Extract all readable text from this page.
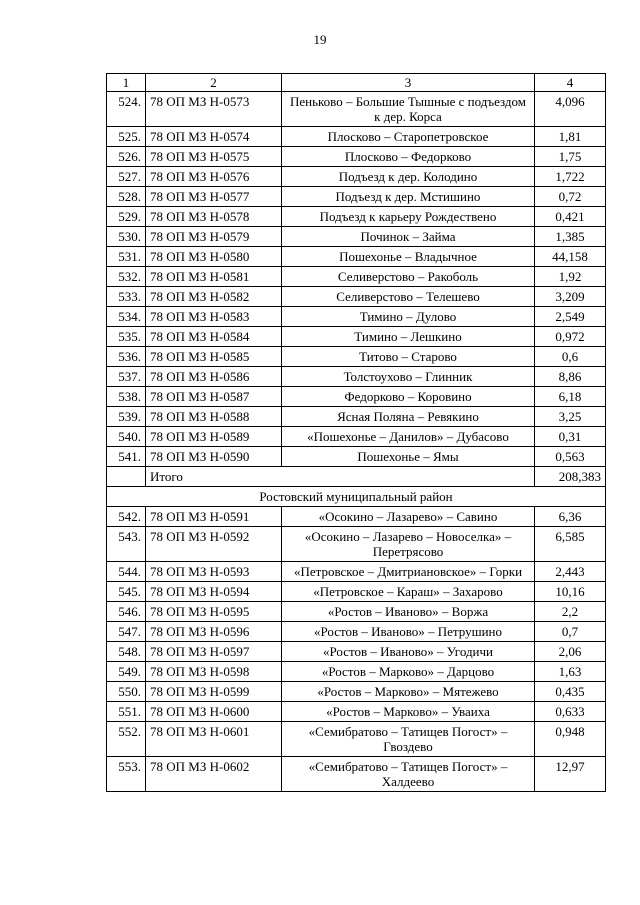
19
1	2	3	4
524.	78 ОП МЗ Н-0573	Пеньково – Большие Тышные с подъездом к дер. Корса	4,096
525.	78 ОП МЗ Н-0574	Плосково – Старопетровское	1,81
526.	78 ОП МЗ Н-0575	Плосково – Федорково	1,75
527.	78 ОП МЗ Н-0576	Подъезд к дер. Колодино	1,722
528.	78 ОП МЗ Н-0577	Подъезд к дер. Мстишино	0,72
529.	78 ОП МЗ Н-0578	Подъезд к карьеру Рождествено	0,421
530.	78 ОП МЗ Н-0579	Починок – Займа	1,385
531.	78 ОП МЗ Н-0580	Пошехонье – Владычное	44,158
532.	78 ОП МЗ Н-0581	Селиверстово – Ракоболь	1,92
533.	78 ОП МЗ Н-0582	Селиверстово – Телешево	3,209
534.	78 ОП МЗ Н-0583	Тимино – Дулово	2,549
535.	78 ОП МЗ Н-0584	Тимино – Лешкино	0,972
536.	78 ОП МЗ Н-0585	Титово – Старово	0,6
537.	78 ОП МЗ Н-0586	Толстоухово – Глинник	8,86
538.	78 ОП МЗ Н-0587	Федорково – Коровино	6,18
539.	78 ОП МЗ Н-0588	Ясная Поляна – Ревякино	3,25
540.	78 ОП МЗ Н-0589	«Пошехонье – Данилов» – Дубасово	0,31
541.	78 ОП МЗ Н-0590	Пошехонье – Ямы	0,563
	Итого		208,383
Ростовский муниципальный район			
542.	78 ОП МЗ Н-0591	«Осокино – Лазарево» – Савино	6,36
543.	78 ОП МЗ Н-0592	«Осокино – Лазарево – Новоселка» – Перетрясово	6,585
544.	78 ОП МЗ Н-0593	«Петровское – Дмитриановское» – Горки	2,443
545.	78 ОП МЗ Н-0594	«Петровское – Караш» – Захарово	10,16
546.	78 ОП МЗ Н-0595	«Ростов – Иваново» – Воржа	2,2
547.	78 ОП МЗ Н-0596	«Ростов – Иваново» – Петрушино	0,7
548.	78 ОП МЗ Н-0597	«Ростов – Иваново» – Угодичи	2,06
549.	78 ОП МЗ Н-0598	«Ростов – Марково» – Дарцово	1,63
550.	78 ОП МЗ Н-0599	«Ростов – Марково» – Мятежево	0,435
551.	78 ОП МЗ Н-0600	«Ростов – Марково» – Уваиха	0,633
552.	78 ОП МЗ Н-0601	«Семибратово – Татищев Погост» – Гвоздево	0,948
553.	78 ОП МЗ Н-0602	«Семибратово – Татищев Погост» – Халдеево	12,97
